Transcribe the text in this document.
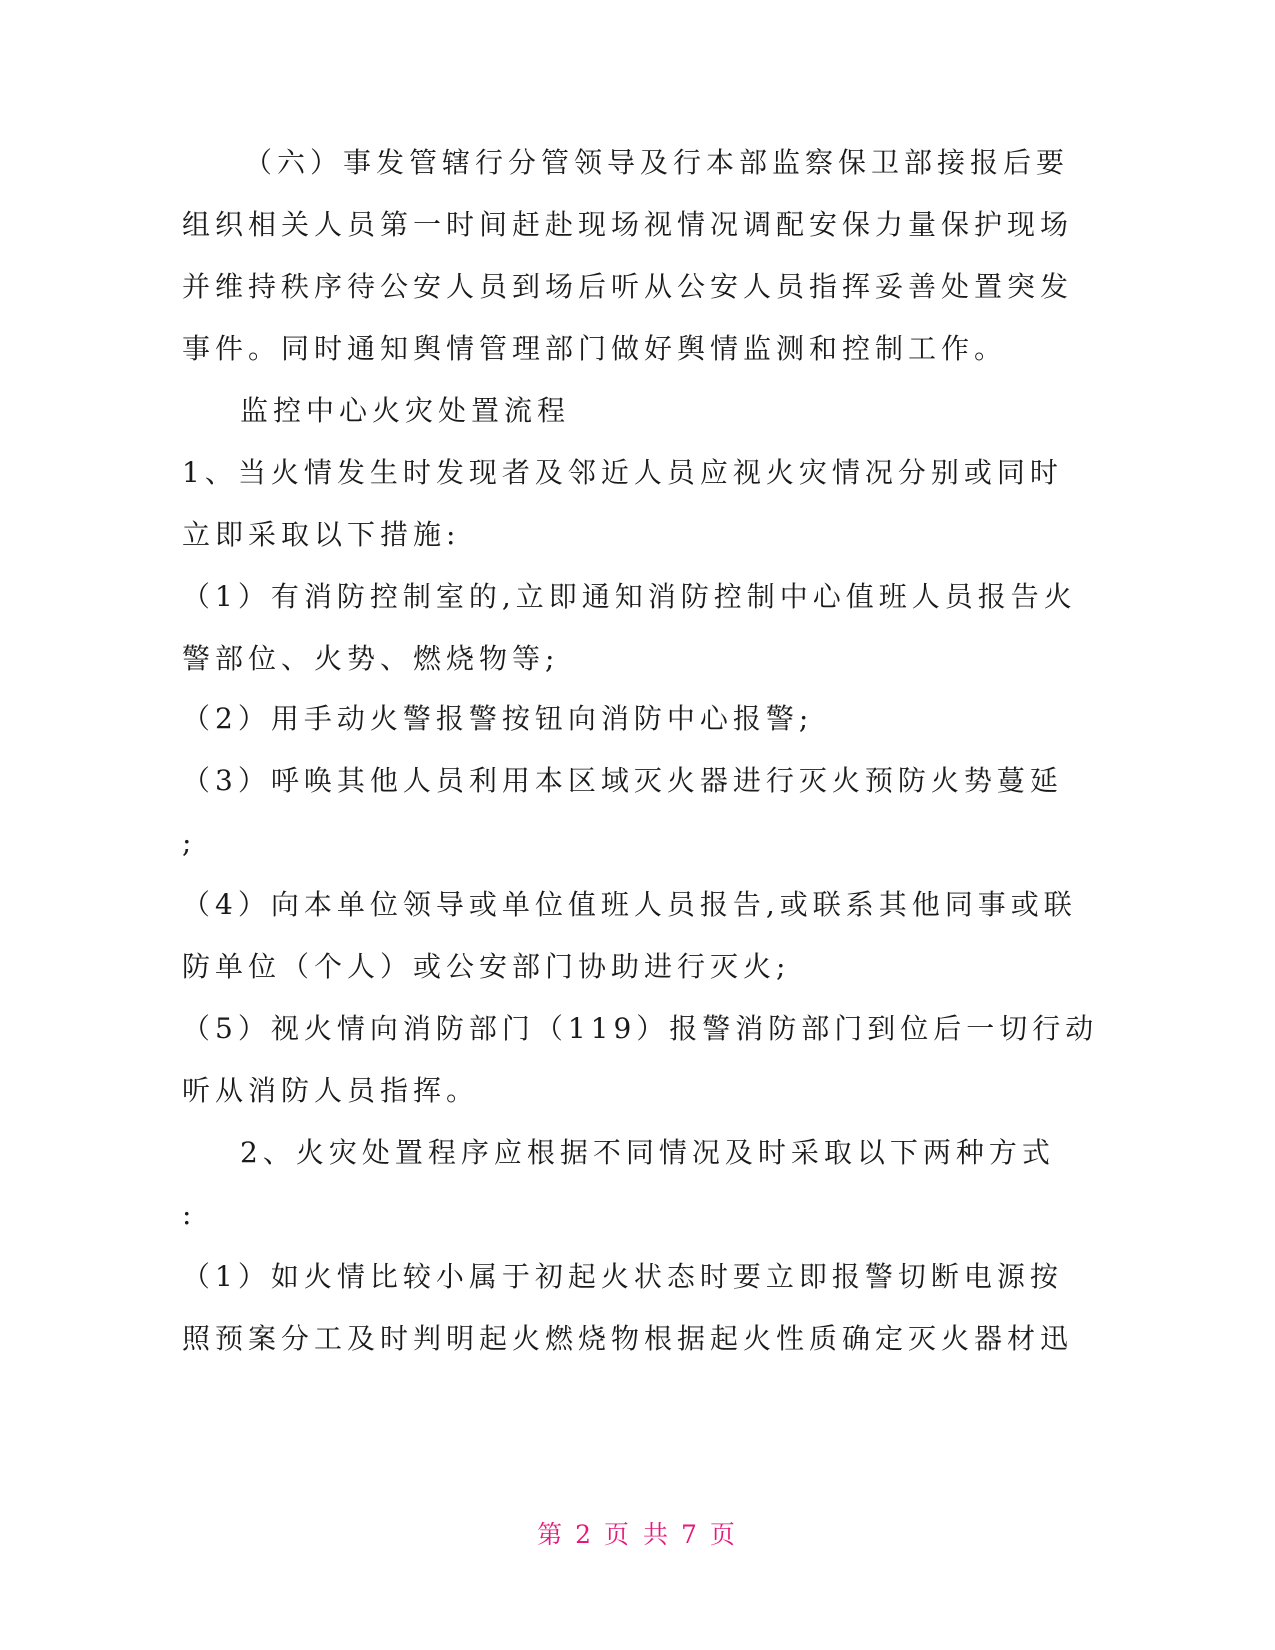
（六）事发管辖行分管领导及行本部监察保卫部接报后要
组织相关人员第一时间赶赴现场视情况调配安保力量保护现场
并维持秩序待公安人员到场后听从公安人员指挥妥善处置突发
事件。同时通知舆情管理部门做好舆情监测和控制工作。
监控中心火灾处置流程
1、当火情发生时发现者及邻近人员应视火灾情况分别或同时
立即采取以下措施:
（1）有消防控制室的,立即通知消防控制中心值班人员报告火
警部位、火势、燃烧物等;
（2）用手动火警报警按钮向消防中心报警;
（3）呼唤其他人员利用本区域灭火器进行灭火预防火势蔓延
;
（4）向本单位领导或单位值班人员报告,或联系其他同事或联
防单位（个人）或公安部门协助进行灭火;
（5）视火情向消防部门（119）报警消防部门到位后一切行动
听从消防人员指挥。
2、火灾处置程序应根据不同情况及时采取以下两种方式
:
（1）如火情比较小属于初起火状态时要立即报警切断电源按
照预案分工及时判明起火燃烧物根据起火性质确定灭火器材迅
第 2 页 共 7 页
